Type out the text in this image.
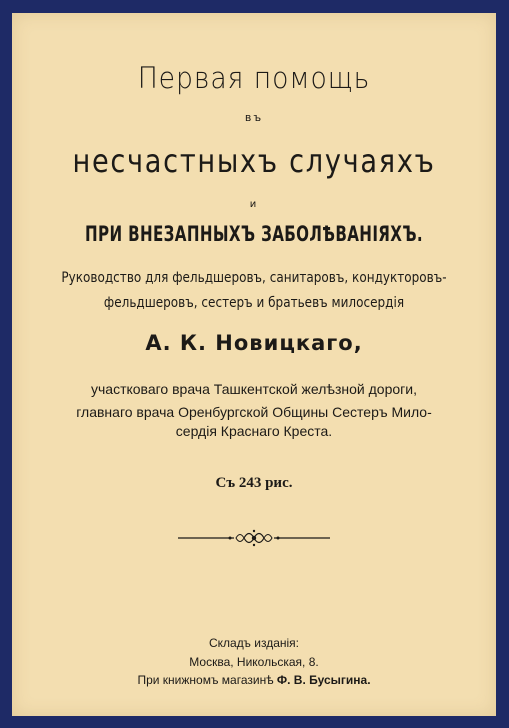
Первая помощь
въ
несчастныхъ случаяхъ
и
ПРИ ВНЕЗАПНЫХЪ ЗАБОЛѢВАНІЯХЪ.
Руководство для фельдшеровъ, санитаровъ, кондукторовъ-
фельдшеровъ, сестеръ и братьевъ милосердія
А. К. Новицкаго,
участковаго врача Ташкентской желѣзной дороги,
главнаго врача Оренбургской Общины Сестеръ Мило-
сердія Краснаго Креста.
Съ 243 рис.
Складъ изданія:
Москва, Никольская, 8.
При книжномъ магазинѣ Ф. В. Бусыгина.
